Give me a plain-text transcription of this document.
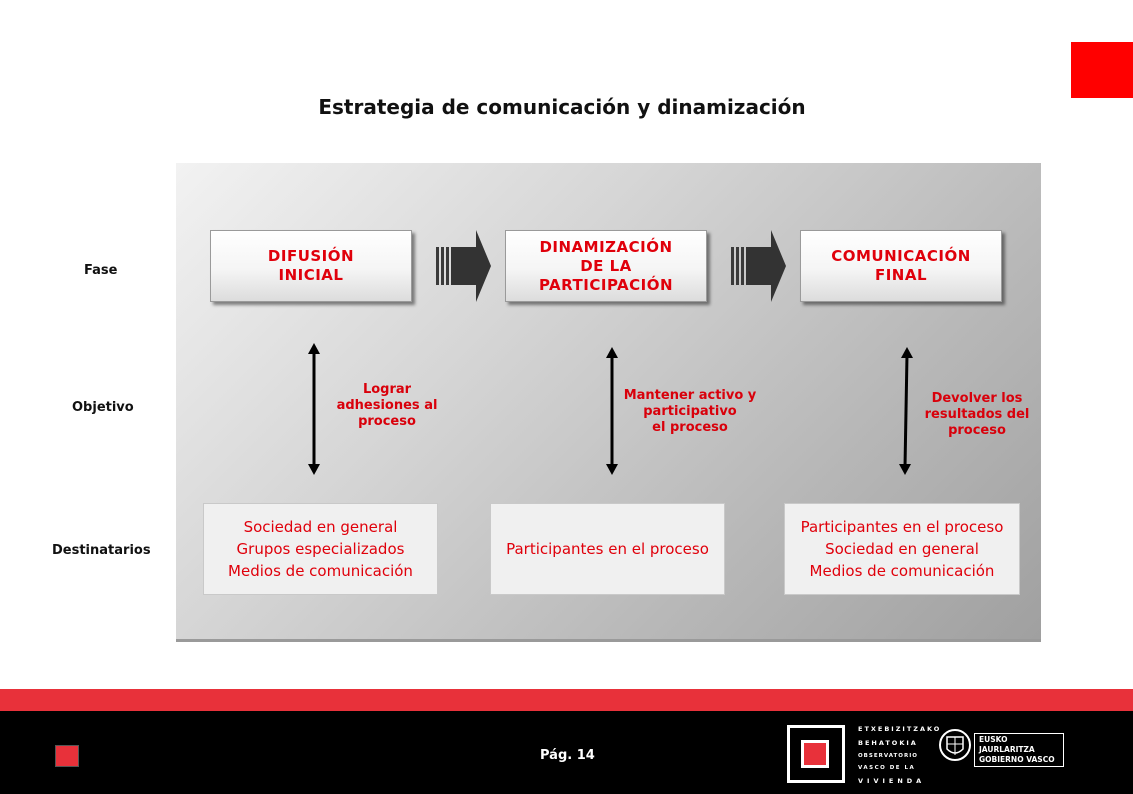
Estrategia de comunicación y dinamización
Fase
Objetivo
Destinatarios
DIFUSIÓN
INICIAL
DINAMIZACIÓN
DE LA
PARTICIPACIÓN
COMUNICACIÓN
FINAL
Lograr
adhesiones al
proceso
Mantener activo y
participativo
el proceso
Devolver los
resultados del
proceso
Sociedad en general
Grupos especializados
Medios de comunicación
Participantes en el proceso
Participantes en el proceso
Sociedad en general
Medios de comunicación
Pág. 14
ETXEBIZITZAKO
BEHATOKIA
OBSERVATORIO
VASCO DE LA
VIVIENDA
EUSKO JAURLARITZA
GOBIERNO VASCO
